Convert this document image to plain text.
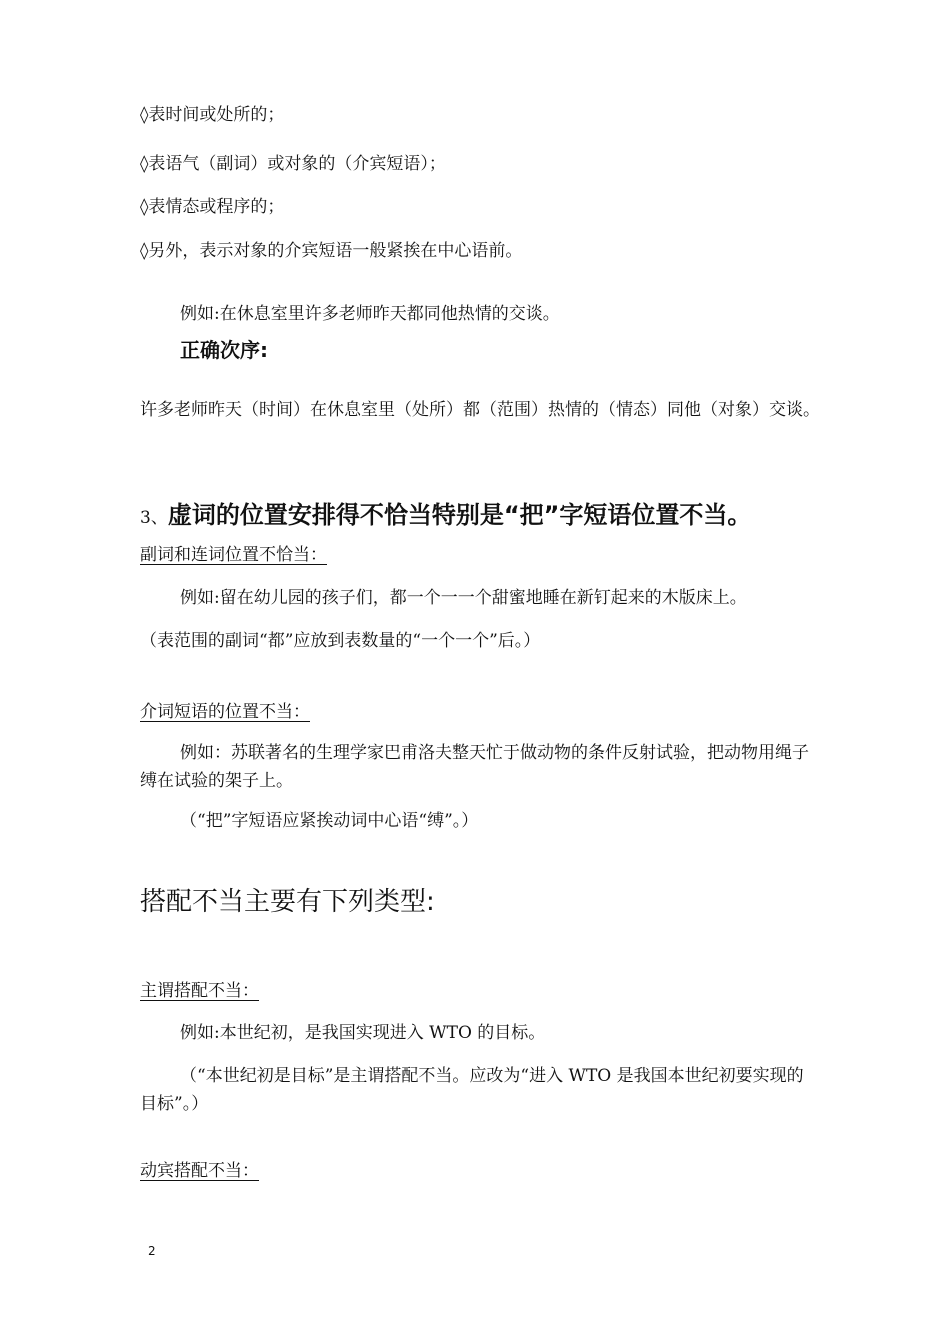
◊表时间或处所的；
◊表语气（副词）或对象的（介宾短语）；
◊表情态或程序的；
◊另外，表示对象的介宾短语一般紧挨在中心语前。
例如:在休息室里许多老师昨天都同他热情的交谈。
正确次序:
许多老师昨天（时间）在休息室里（处所）都（范围）热情的（情态）同他（对象）交谈。
3、虚词的位置安排得不恰当特别是“把”字短语位置不当。
副词和连词位置不恰当：
例如:留在幼儿园的孩子们，都一个一一个甜蜜地睡在新钉起来的木版床上。
（表范围的副词“都”应放到表数量的“一个一个”后。）
介词短语的位置不当：
例如：苏联著名的生理学家巴甫洛夫整天忙于做动物的条件反射试验，把动物用绳子缚在试验的架子上。
（“把”字短语应紧挨动词中心语“缚”。）
搭配不当主要有下列类型:
主谓搭配不当：
例如:本世纪初，是我国实现进入 WTO 的目标。
（“本世纪初是目标”是主谓搭配不当。应改为“进入 WTO 是我国本世纪初要实现的目标”。）
动宾搭配不当：
2
